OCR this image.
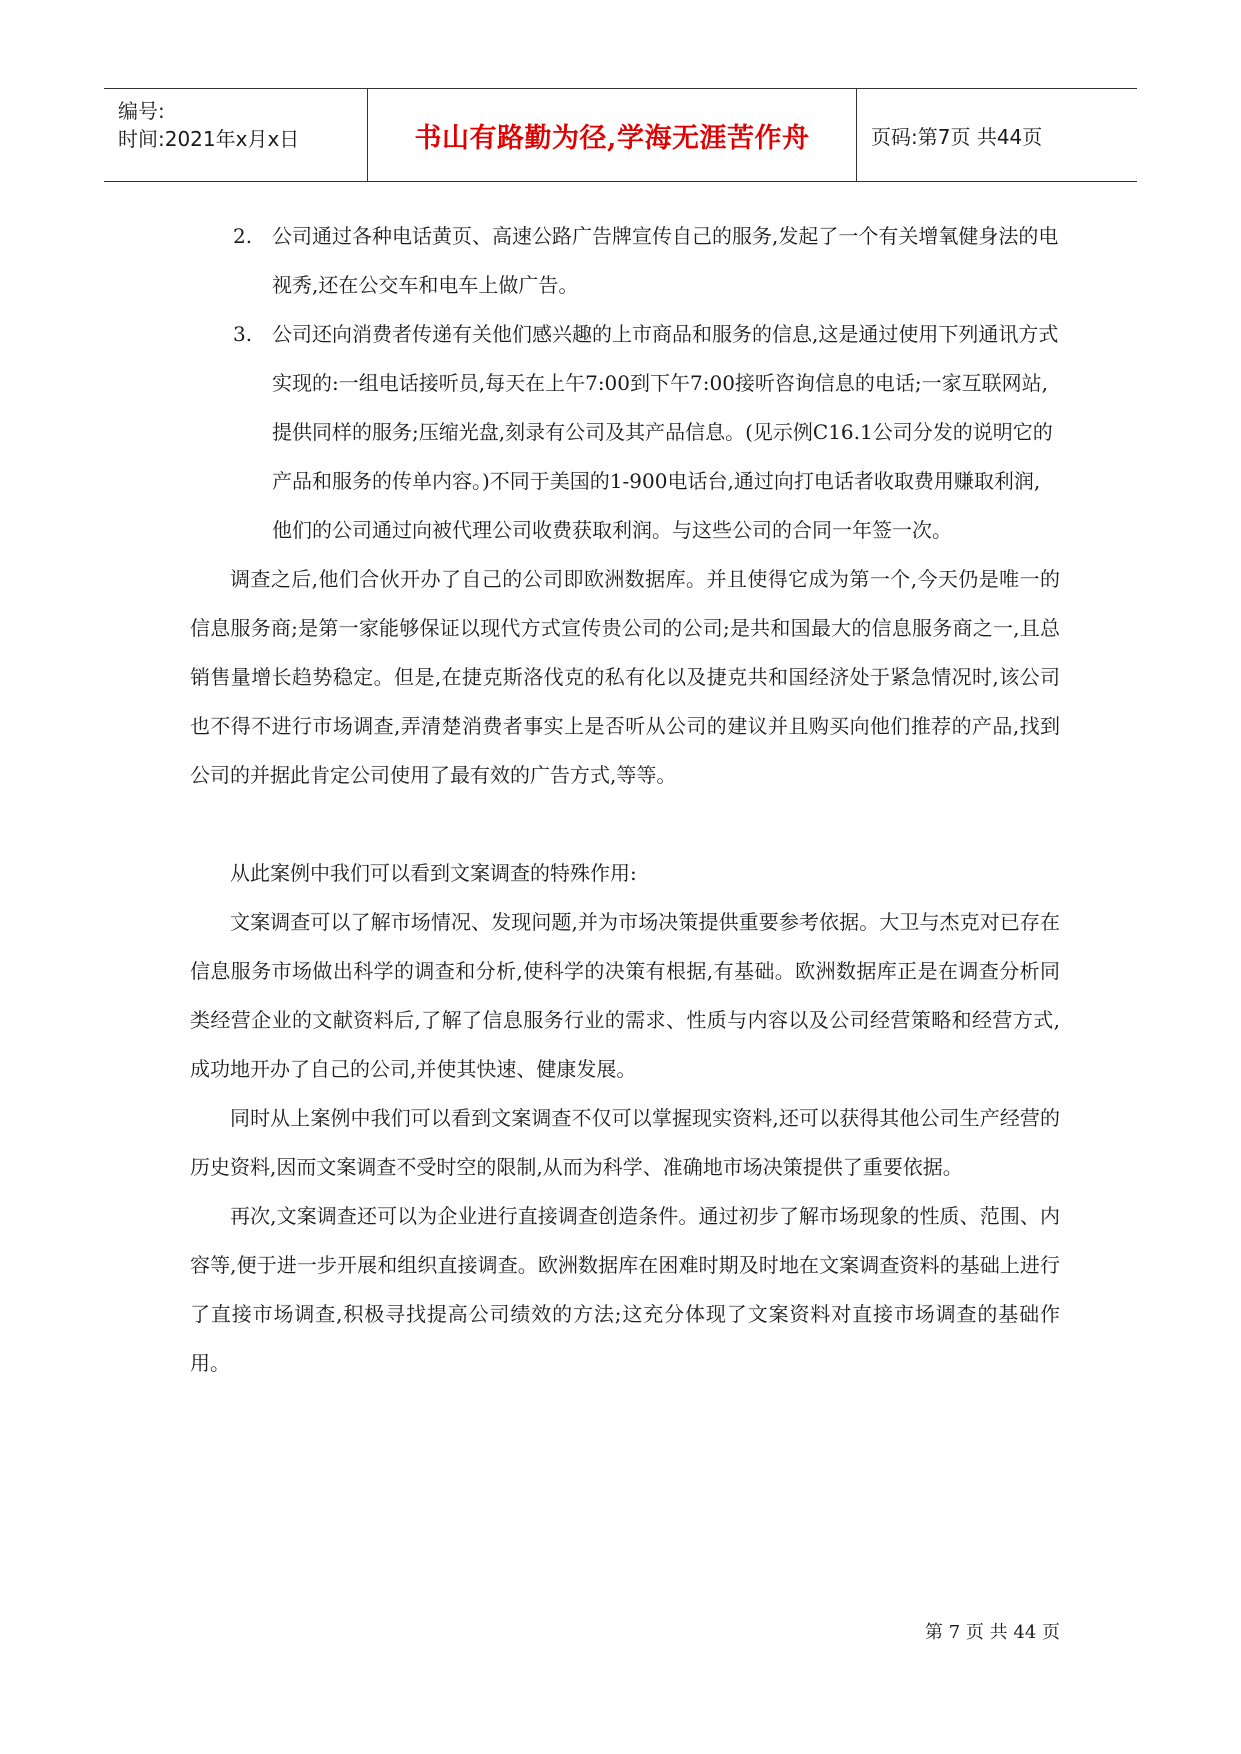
编号:
时间:2021年x月x日	书山有路勤为径,学海无涯苦作舟	页码:第7页 共44页
2. 公司通过各种电话黄页、高速公路广告牌宣传自己的服务,发起了一个有关增氧健身法的电视秀,还在公交车和电车上做广告。
3. 公司还向消费者传递有关他们感兴趣的上市商品和服务的信息,这是通过使用下列通讯方式实现的:一组电话接听员,每天在上午7:00到下午7:00接听咨询信息的电话;一家互联网站,提供同样的服务;压缩光盘,刻录有公司及其产品信息。(见示例C16.1公司分发的说明它的产品和服务的传单内容。)不同于美国的1-900电话台,通过向打电话者收取费用赚取利润,他们的公司通过向被代理公司收费获取利润。与这些公司的合同一年签一次。

调查之后,他们合伙开办了自己的公司即欧洲数据库。并且使得它成为第一个,今天仍是唯一的信息服务商;是第一家能够保证以现代方式宣传贵公司的公司;是共和国最大的信息服务商之一,且总销售量增长趋势稳定。但是,在捷克斯洛伐克的私有化以及捷克共和国经济处于紧急情况时,该公司也不得不进行市场调查,弄清楚消费者事实上是否听从公司的建议并且购买向他们推荐的产品,找到公司的并据此肯定公司使用了最有效的广告方式,等等。

从此案例中我们可以看到文案调查的特殊作用:

文案调查可以了解市场情况、发现问题,并为市场决策提供重要参考依据。大卫与杰克对已存在信息服务市场做出科学的调查和分析,使科学的决策有根据,有基础。欧洲数据库正是在调查分析同类经营企业的文献资料后,了解了信息服务行业的需求、性质与内容以及公司经营策略和经营方式,成功地开办了自己的公司,并使其快速、健康发展。

同时从上案例中我们可以看到文案调查不仅可以掌握现实资料,还可以获得其他公司生产经营的历史资料,因而文案调查不受时空的限制,从而为科学、准确地市场决策提供了重要依据。

再次,文案调查还可以为企业进行直接调查创造条件。通过初步了解市场现象的性质、范围、内容等,便于进一步开展和组织直接调查。欧洲数据库在困难时期及时地在文案调查资料的基础上进行了直接市场调查,积极寻找提高公司绩效的方法;这充分体现了文案资料对直接市场调查的基础作用。

第 7 页 共 44 页
